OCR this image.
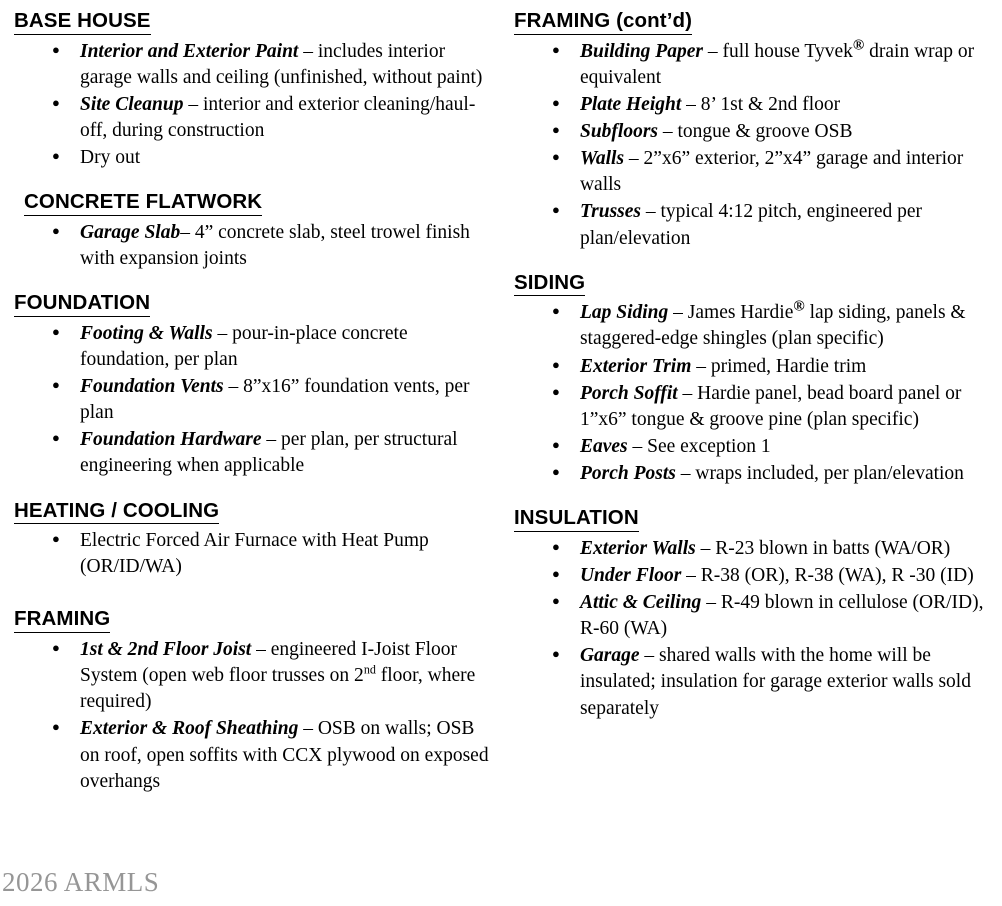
BASE HOUSE
● Interior and Exterior Paint – includes interior garage walls and ceiling (unfinished, without paint)
● Site Cleanup – interior and exterior cleaning/haul-off, during construction
● Dry out
CONCRETE FLATWORK
● Garage Slab– 4” concrete slab, steel trowel finish with expansion joints
FOUNDATION
● Footing & Walls – pour-in-place concrete foundation, per plan
● Foundation Vents – 8”x16” foundation vents, per plan
● Foundation Hardware – per plan, per structural engineering when applicable
HEATING / COOLING
● Electric Forced Air Furnace with Heat Pump (OR/ID/WA)
FRAMING
● 1st & 2nd Floor Joist – engineered I-Joist Floor System (open web floor trusses on 2nd floor, where required)
● Exterior & Roof Sheathing – OSB on walls; OSB on roof, open soffits with CCX plywood on exposed overhangs
FRAMING (cont’d)
● Building Paper – full house Tyvek® drain wrap or equivalent
● Plate Height – 8’ 1st & 2nd floor
● Subfloors – tongue & groove OSB
● Walls – 2”x6” exterior, 2”x4” garage and interior walls
● Trusses – typical 4:12 pitch, engineered per plan/elevation
SIDING
● Lap Siding – James Hardie® lap siding, panels & staggered-edge shingles (plan specific)
● Exterior Trim – primed, Hardie trim
● Porch Soffit – Hardie panel, bead board panel or 1”x6” tongue & groove pine (plan specific)
● Eaves – See exception 1
● Porch Posts – wraps included, per plan/elevation
INSULATION
● Exterior Walls – R-23 blown in batts (WA/OR)
● Under Floor – R-38 (OR), R-38 (WA), R -30 (ID)
● Attic & Ceiling – R-49 blown in cellulose (OR/ID), R-60 (WA)
● Garage – shared walls with the home will be insulated; insulation for garage exterior walls sold separately
2026 ARMLS
